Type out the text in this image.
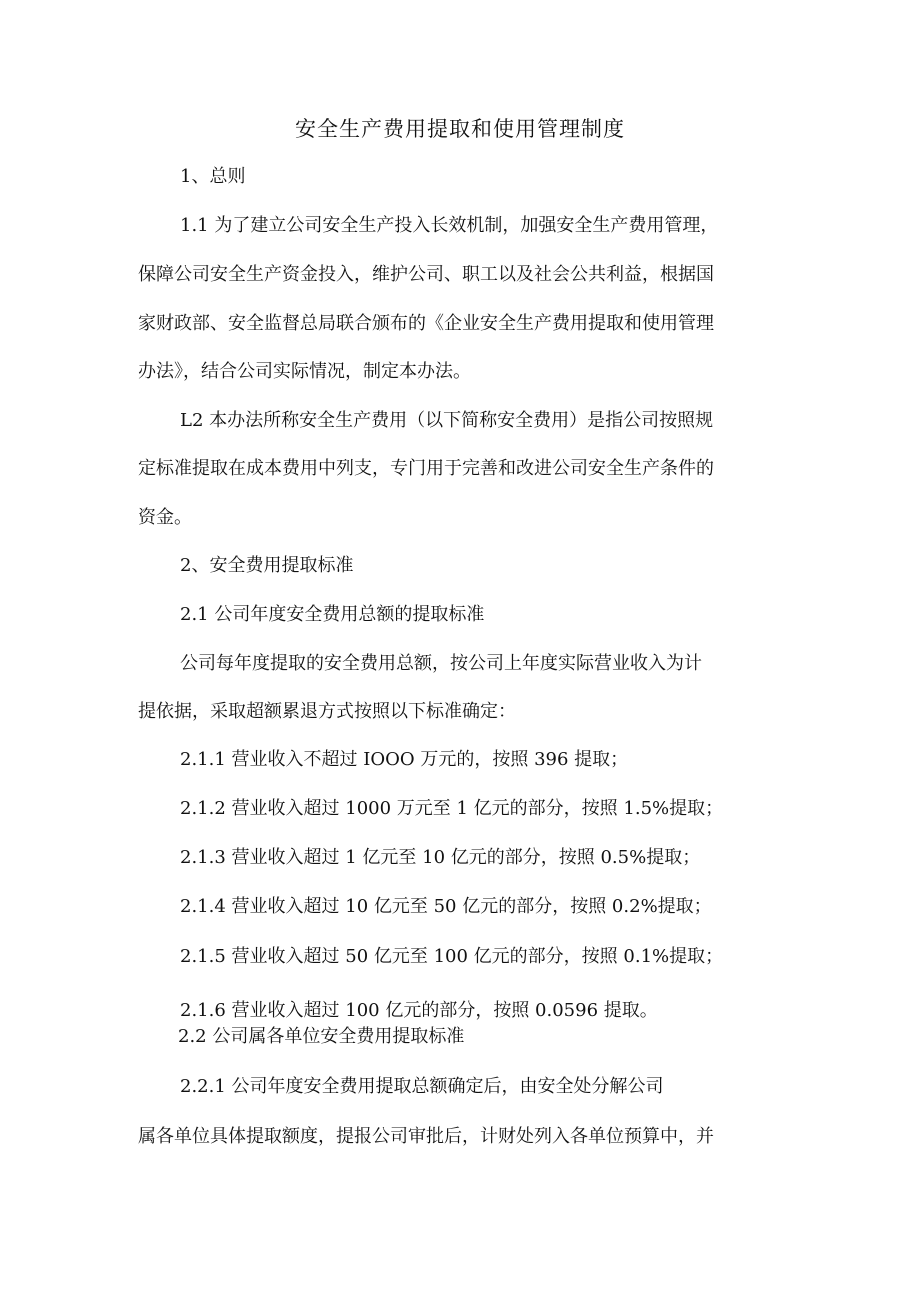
安全生产费用提取和使用管理制度
1、总则
1.1 为了建立公司安全生产投入长效机制，加强安全生产费用管理，
保障公司安全生产资金投入，维护公司、职工以及社会公共利益，根据国
家财政部、安全监督总局联合颁布的《企业安全生产费用提取和使用管理
办法》，结合公司实际情况，制定本办法。
L2 本办法所称安全生产费用（以下简称安全费用）是指公司按照规
定标准提取在成本费用中列支，专门用于完善和改进公司安全生产条件的
资金。
2、安全费用提取标准
2.1 公司年度安全费用总额的提取标准
公司每年度提取的安全费用总额，按公司上年度实际营业收入为计
提依据，采取超额累退方式按照以下标准确定：
2.1.1 营业收入不超过 IOOO 万元的，按照 396 提取；
2.1.2 营业收入超过 1000 万元至 1 亿元的部分，按照 1.5%提取；
2.1.3 营业收入超过 1 亿元至 10 亿元的部分，按照 0.5%提取；
2.1.4 营业收入超过 10 亿元至 50 亿元的部分，按照 0.2%提取；
2.1.5 营业收入超过 50 亿元至 100 亿元的部分，按照 0.1%提取；
2.1.6 营业收入超过 100 亿元的部分，按照 0.0596 提取。
2.2 公司属各单位安全费用提取标准
2.2.1 公司年度安全费用提取总额确定后，由安全处分解公司
属各单位具体提取额度，提报公司审批后，计财处列入各单位预算中，并
